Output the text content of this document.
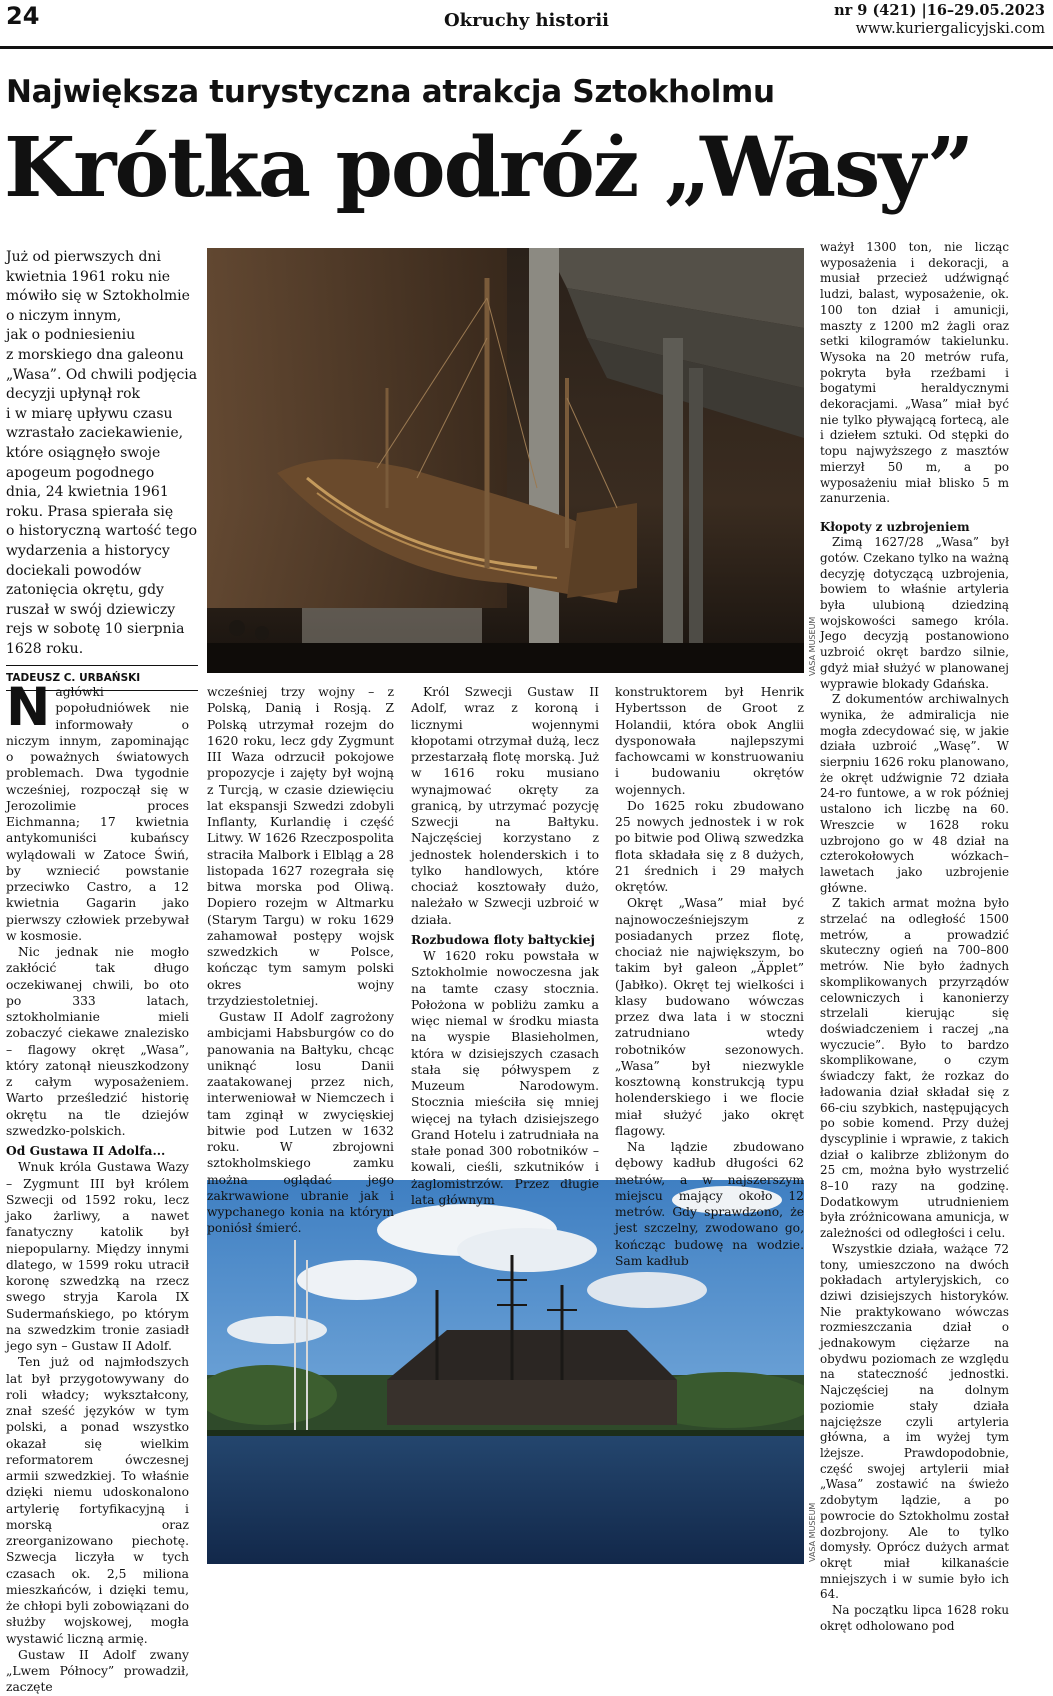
24	Okruchy historii	nr 9 (421) |16–29.05.2023
www.kuriergalicyjski.com
Największa turystyczna atrakcja Sztokholmu
Krótka podróż „Wasy”
Już od pierwszych dni
kwietnia 1961 roku nie
mówiło się w Sztokholmie
o niczym innym,
jak o podniesieniu
z morskiego dna galeonu
„Wasa”. Od chwili podjęcia
decyzji upłynął rok
i w miarę upływu czasu
wzrastało zaciekawienie,
które osiągnęło swoje
apogeum pogodnego
dnia, 24 kwietnia 1961
roku. Prasa spierała się
o historyczną wartość tego
wydarzenia a historycy
dociekali powodów
zatonięcia okrętu, gdy
ruszał w swój dziewiczy
rejs w sobotę 10 sierpnia
1628 roku.
TADEUSZ C. URBAŃSKI
VASA MUSEUM
VASA MUSEUM

Nagłówki popołudniówek nie informowały o niczym innym, zapominając o poważnych światowych problemach. Dwa tygodnie wcześniej, rozpoczął się w Jerozolimie proces Eichmanna; 17 kwietnia antykomuniści kubańscy wylądowali w Zatoce Świń, by wzniecić powstanie przeciwko Castro, a 12 kwietnia Gagarin jako pierwszy człowiek przebywał w kosmosie.

Nic jednak nie mogło zakłócić tak długo oczekiwanej chwili, bo oto po 333 latach, sztokholmianie mieli zobaczyć ciekawe znalezisko – flagowy okręt „Wasa”, który zatonął nieuszkodzony z całym wyposażeniem. Warto prześledzić historię okrętu na tle dziejów szwedzko-polskich.

Od Gustawa II Adolfa...

Wnuk króla Gustawa Wazy – Zygmunt III był królem Szwecji od 1592 roku, lecz jako żarliwy, a nawet fanatyczny katolik był niepopularny. Między innymi dlatego, w 1599 roku utracił koronę szwedzką na rzecz swego stryja Karola IX Sudermańskiego, po którym na szwedzkim tronie zasiadł jego syn – Gustaw II Adolf.

Ten już od najmłodszych lat był przygotowywany do roli władcy; wykształcony, znał sześć języków w tym polski, a ponad wszystko okazał się wielkim reformatorem ówczesnej armii szwedzkiej. To właśnie dzięki niemu udoskonalono artylerię fortyfikacyjną i morską oraz zreorganizowano piechotę. Szwecja liczyła w tych czasach ok. 2,5 miliona mieszkańców, i dzięki temu, że chłopi byli zobowiązani do służby wojskowej, mogła wystawić liczną armię.

Gustaw II Adolf zwany „Lwem Północy” prowadził, zaczęte

wcześniej trzy wojny – z Polską, Danią i Rosją. Z Polską utrzymał rozejm do 1620 roku, lecz gdy Zygmunt III Waza odrzucił pokojowe propozycje i zajęty był wojną z Turcją, w czasie dziewięciu lat ekspansji Szwedzi zdobyli Inflanty, Kurlandię i część Litwy. W 1626 Rzeczpospolita straciła Malbork i Elbląg a 28 listopada 1627 rozegrała się bitwa morska pod Oliwą. Dopiero rozejm w Altmarku (Starym Targu) w roku 1629 zahamował postępy wojsk szwedzkich w Polsce, kończąc tym samym polski okres wojny trzydziestoletniej.

Gustaw II Adolf zagrożony ambicjami Habsburgów co do panowania na Bałtyku, chcąc uniknąć losu Danii zaatakowanej przez nich, interweniował w Niemczech i tam zginął w zwycięskiej bitwie pod Lutzen w 1632 roku. W zbrojowni sztokholmskiego zamku można oglądać jego zakrwawione ubranie jak i wypchanego konia na którym poniósł śmierć.

Król Szwecji Gustaw II Adolf, wraz z koroną i licznymi wojennymi kłopotami otrzymał dużą, lecz przestarzałą flotę morską. Już w 1616 roku musiano wynajmować okręty za granicą, by utrzymać pozycję Szwecji na Bałtyku. Najczęściej korzystano z jednostek holenderskich i to tylko handlowych, które chociaż kosztowały dużo, należało w Szwecji uzbroić w działa.

Rozbudowa floty bałtyckiej

W 1620 roku powstała w Sztokholmie nowoczesna jak na tamte czasy stocznia. Położona w pobliżu zamku a więc niemal w środku miasta na wyspie Blasieholmen, która w dzisiejszych czasach stała się półwyspem z Muzeum Narodowym. Stocznia mieściła się mniej więcej na tyłach dzisiejszego Grand Hotelu i zatrudniała na stałe ponad 300 robotników – kowali, cieśli, szkutników i żaglomistrzów. Przez długie lata głównym

konstruktorem był Henrik Hybertsson de Groot z Holandii, która obok Anglii dysponowała najlepszymi fachowcami w konstruowaniu i budowaniu okrętów wojennych.

Do 1625 roku zbudowano 25 nowych jednostek i w rok po bitwie pod Oliwą szwedzka flota składała się z 8 dużych, 21 średnich i 29 małych okrętów.

Okręt „Wasa” miał być najnowocześniejszym z posiadanych przez flotę, chociaż nie największym, bo takim był galeon „Äpplet” (Jabłko). Okręt tej wielkości i klasy budowano wówczas przez dwa lata i w stoczni zatrudniano wtedy robotników sezonowych. „Wasa” był niezwykle kosztowną konstrukcją typu holenderskiego i we flocie miał służyć jako okręt flagowy.

Na lądzie zbudowano dębowy kadłub długości 62 metrów, a w najszerszym miejscu mający około 12 metrów. Gdy sprawdzono, że jest szczelny, zwodowano go, kończąc budowę na wodzie. Sam kadłub

ważył 1300 ton, nie licząc wyposażenia i dekoracji, a musiał przecież udźwignąć ludzi, balast, wyposażenie, ok. 100 ton dział i amunicji, maszty z 1200 m2 żagli oraz setki kilogramów takielunku. Wysoka na 20 metrów rufa, pokryta była rzeźbami i bogatymi heraldycznymi dekoracjami. „Wasa” miał być nie tylko pływającą fortecą, ale i dziełem sztuki. Od stępki do topu najwyższego z masztów mierzył 50 m, a po wyposażeniu miał blisko 5 m zanurzenia.

Kłopoty z uzbrojeniem

Zimą 1627/28 „Wasa” był gotów. Czekano tylko na ważną decyzję dotyczącą uzbrojenia, bowiem to właśnie artyleria była ulubioną dziedziną wojskowości samego króla. Jego decyzją postanowiono uzbroić okręt bardzo silnie, gdyż miał służyć w planowanej wyprawie blokady Gdańska.

Z dokumentów archiwalnych wynika, że admiralicja nie mogła zdecydować się, w jakie działa uzbroić „Wasę”. W sierpniu 1626 roku planowano, że okręt udźwignie 72 działa 24-ro funtowe, a w rok później ustalono ich liczbę na 60. Wreszcie w 1628 roku uzbrojono go w 48 dział na czterokołowych wózkach–lawetach jako uzbrojenie główne.

Z takich armat można było strzelać na odległość 1500 metrów, a prowadzić skuteczny ogień na 700–800 metrów. Nie było żadnych skomplikowanych przyrządów celowniczych i kanonierzy strzelali kierując się doświadczeniem i raczej „na wyczucie”. Było to bardzo skomplikowane, o czym świadczy fakt, że rozkaz do ładowania dział składał się z 66-ciu szybkich, następujących po sobie komend. Przy dużej dyscyplinie i wprawie, z takich dział o kalibrze zbliżonym do 25 cm, można było wystrzelić 8–10 razy na godzinę. Dodatkowym utrudnieniem była zróżnicowana amunicja, w zależności od odległości i celu.

Wszystkie działa, ważące 72 tony, umieszczono na dwóch pokładach artyleryjskich, co dziwi dzisiejszych historyków. Nie praktykowano wówczas rozmieszczania dział o jednakowym ciężarze na obydwu poziomach ze względu na stateczność jednostki. Najczęściej na dolnym poziomie stały działa najcięższe czyli artyleria główna, a im wyżej tym lżejsze. Prawdopodobnie, część swojej artylerii miał „Wasa” zostawić na świeżo zdobytym lądzie, a po powrocie do Sztokholmu został dozbrojony. Ale to tylko domysły. Oprócz dużych armat okręt miał kilkanaście mniejszych i w sumie było ich 64.

Na początku lipca 1628 roku okręt odholowano pod
